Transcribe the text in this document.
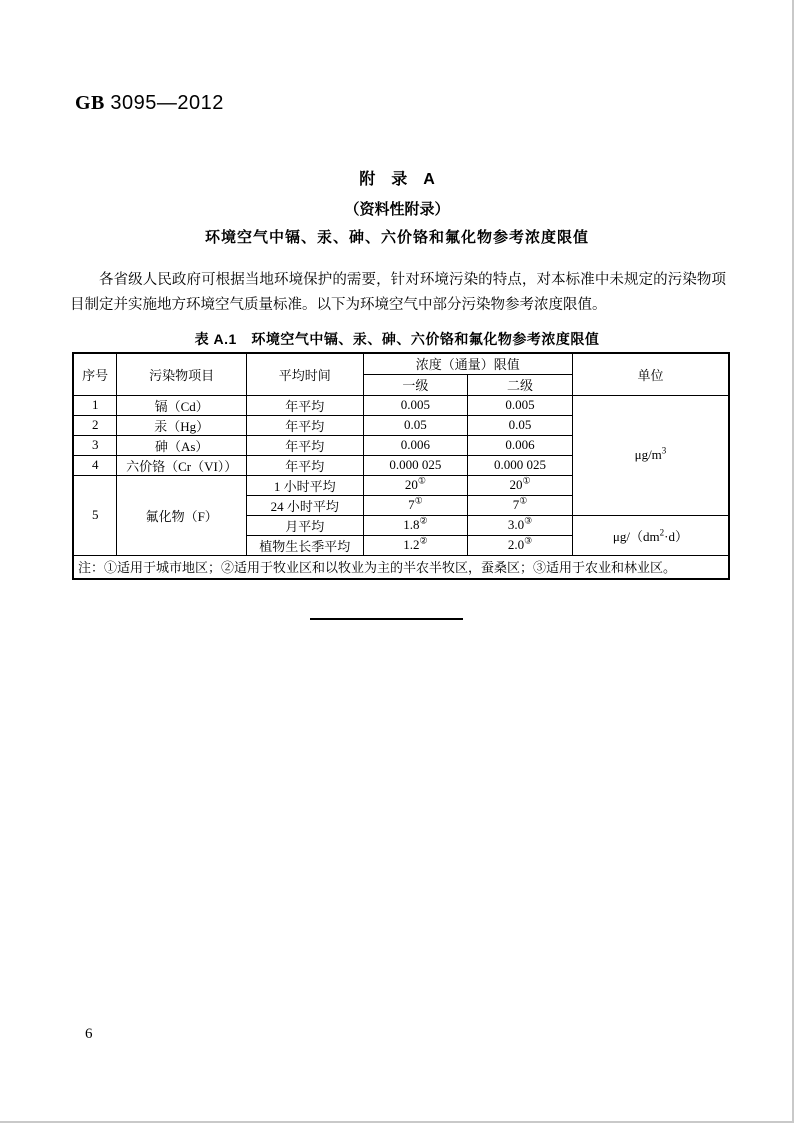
GB 3095—2012
附　录　A
（资料性附录）
环境空气中镉、汞、砷、六价铬和氟化物参考浓度限值
各省级人民政府可根据当地环境保护的需要，针对环境污染的特点，对本标准中未规定的污染物项目制定并实施地方环境空气质量标准。以下为环境空气中部分污染物参考浓度限值。
表 A.1　环境空气中镉、汞、砷、六价铬和氟化物参考浓度限值
序号	污染物项目	平均时间	浓度（通量）限值		单位
			一级	二级	
1	镉（Cd）	年平均	0.005	0.005	$\mu g/m^3$
2	汞（Hg）	年平均	0.05	0.05	
3	砷（As）	年平均	0.006	0.006	
4	六价铬（Cr（VI））	年平均	0.000 025	0.000 025	
5	氟化物（F）	1 小时平均	20①	20①
		24 小时平均	7①	7①
		月平均	1.8②	3.0③	$\mu g/(dm^2\cdot d)$
		植物生长季平均	1.2②	2.0③
注：①适用于城市地区；②适用于牧业区和以牧业为主的半农半牧区，蚕桑区；③适用于农业和林业区。					
6
